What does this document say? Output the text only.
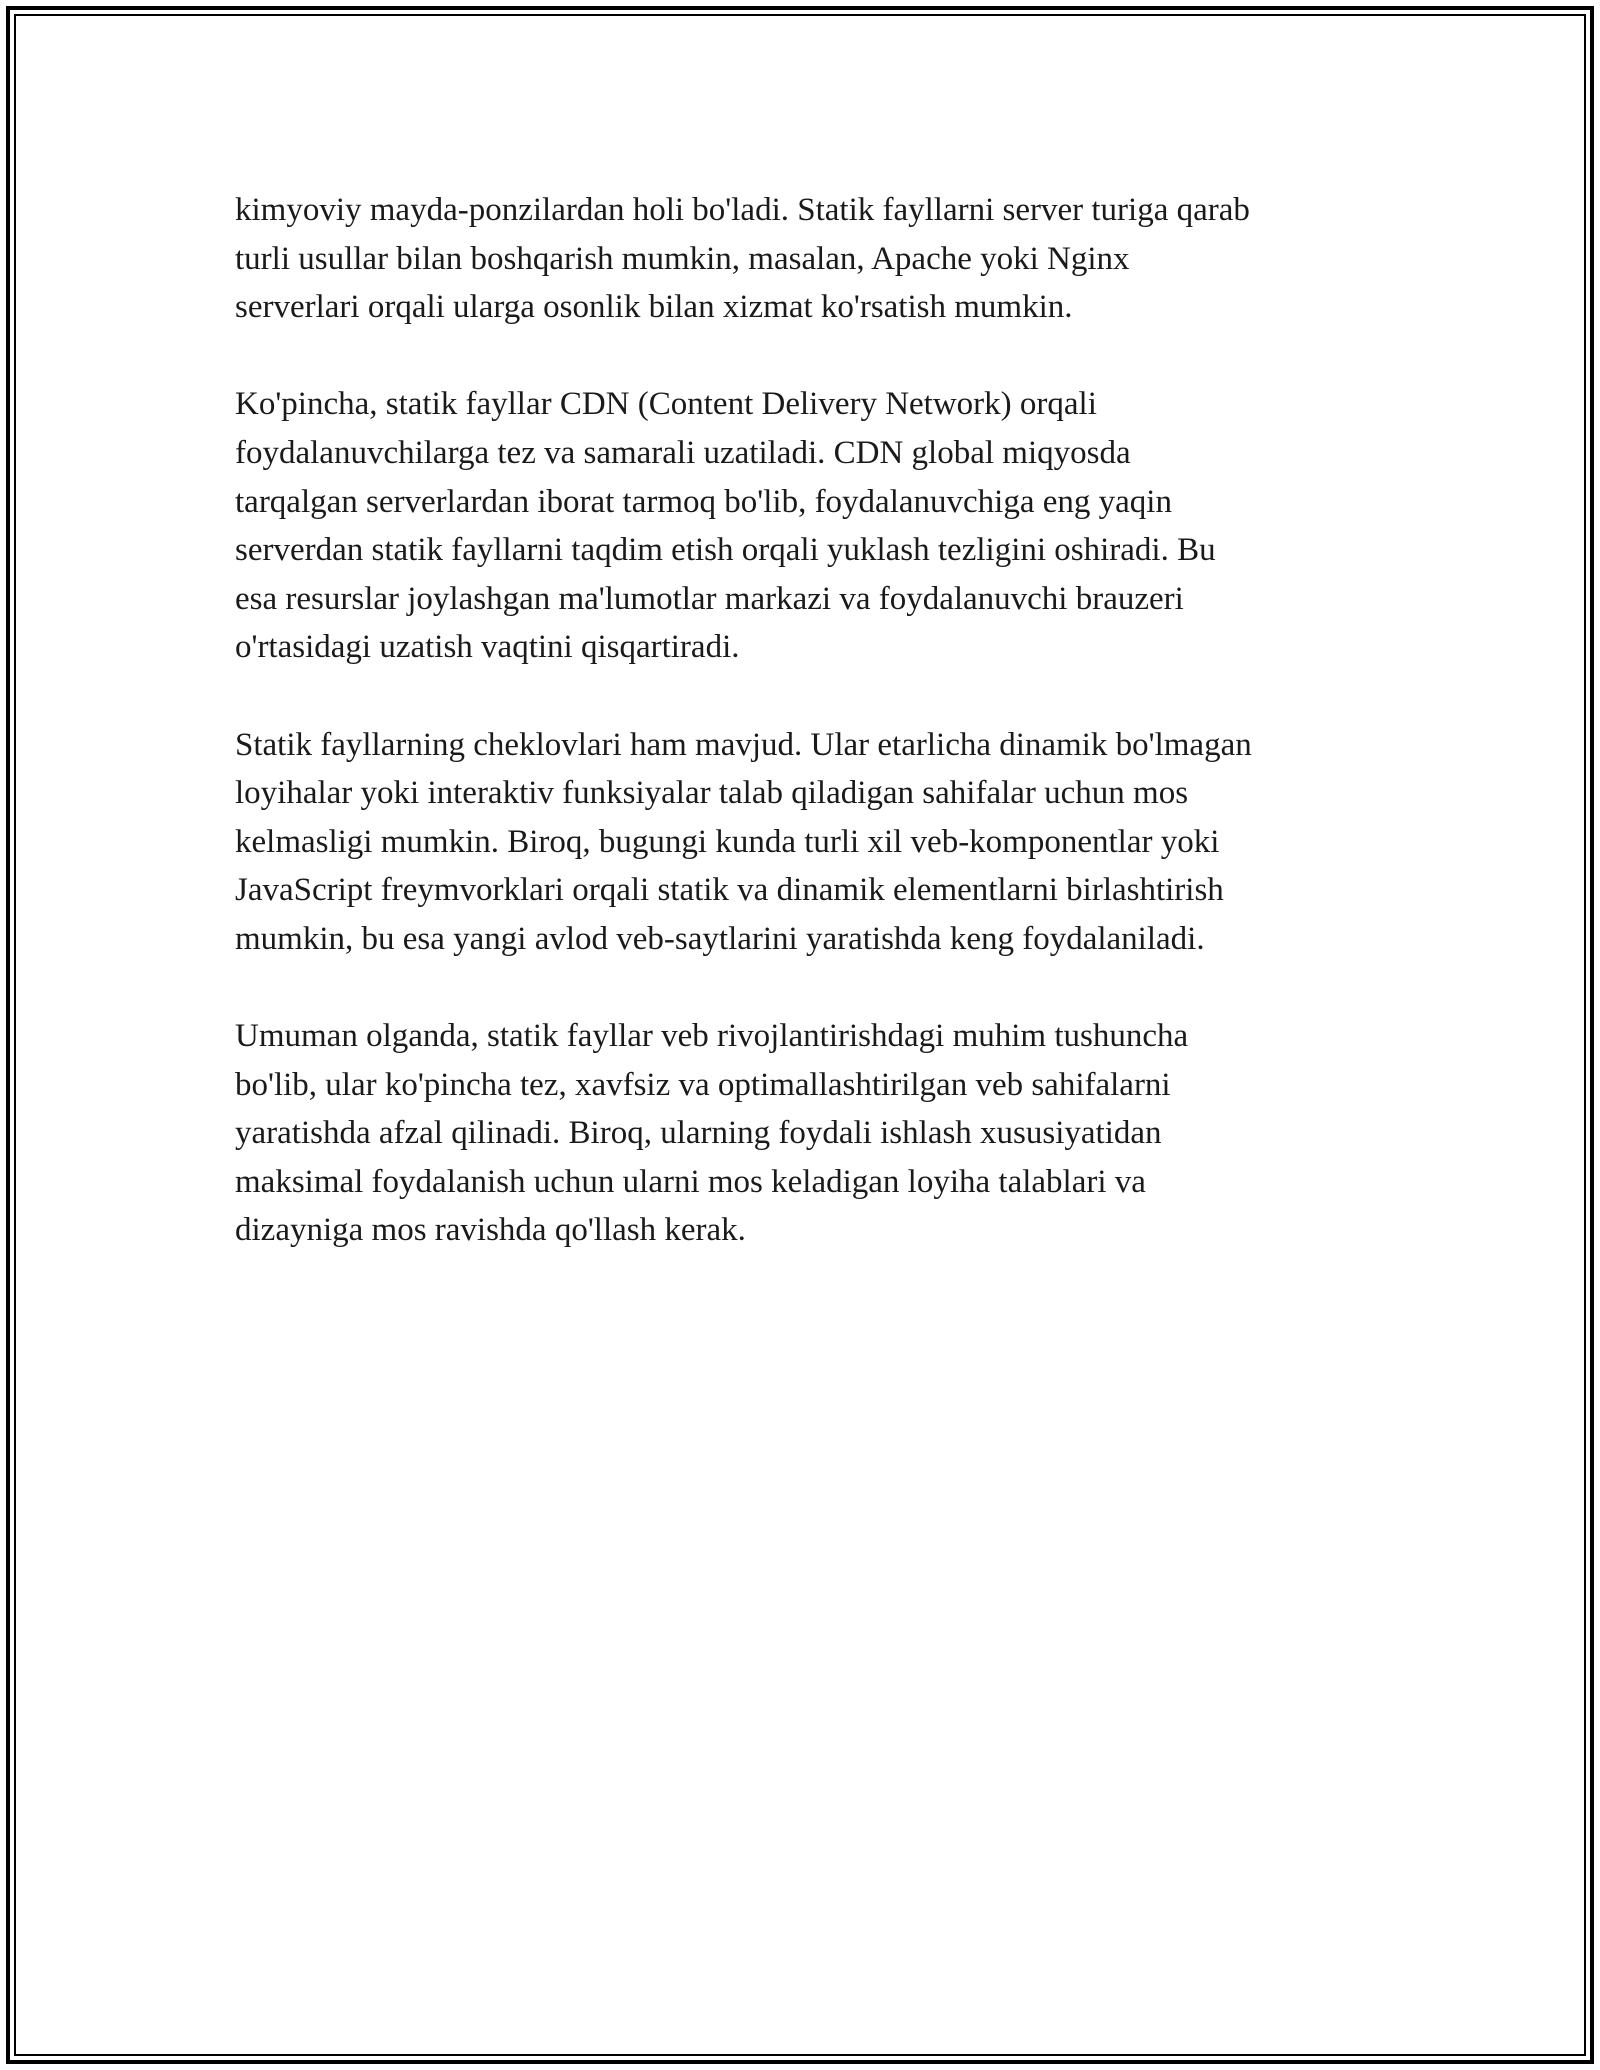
kimyoviy mayda-ponzilardan holi bo'ladi. Statik fayllarni server turiga qarab
turli usullar bilan boshqarish mumkin, masalan, Apache yoki Nginx
serverlari orqali ularga osonlik bilan xizmat ko'rsatish mumkin.

Ko'pincha, statik fayllar CDN (Content Delivery Network) orqali
foydalanuvchilarga tez va samarali uzatiladi. CDN global miqyosda
tarqalgan serverlardan iborat tarmoq bo'lib, foydalanuvchiga eng yaqin
serverdan statik fayllarni taqdim etish orqali yuklash tezligini oshiradi. Bu
esa resurslar joylashgan ma'lumotlar markazi va foydalanuvchi brauzeri
o'rtasidagi uzatish vaqtini qisqartiradi.

Statik fayllarning cheklovlari ham mavjud. Ular etarlicha dinamik bo'lmagan
loyihalar yoki interaktiv funksiyalar talab qiladigan sahifalar uchun mos
kelmasligi mumkin. Biroq, bugungi kunda turli xil veb-komponentlar yoki
JavaScript freymvorklari orqali statik va dinamik elementlarni birlashtirish
mumkin, bu esa yangi avlod veb-saytlarini yaratishda keng foydalaniladi.

Umuman olganda, statik fayllar veb rivojlantirishdagi muhim tushuncha
bo'lib, ular ko'pincha tez, xavfsiz va optimallashtirilgan veb sahifalarni
yaratishda afzal qilinadi. Biroq, ularning foydali ishlash xususiyatidan
maksimal foydalanish uchun ularni mos keladigan loyiha talablari va
dizayniga mos ravishda qo'llash kerak.
